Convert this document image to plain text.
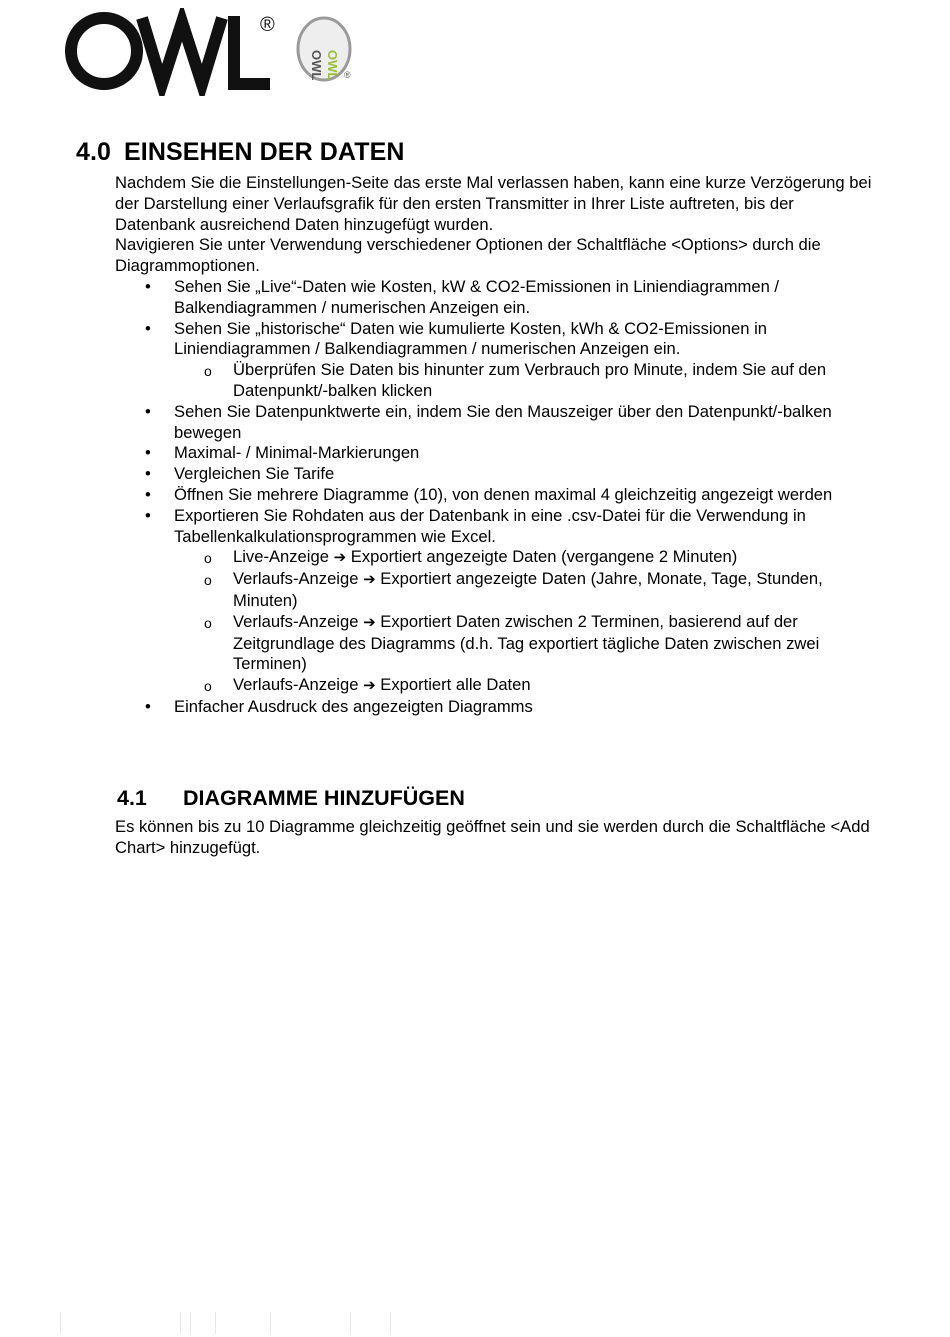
®
OWL OWL ®
4.0 EINSEHEN DER DATEN

Nachdem Sie die Einstellungen-Seite das erste Mal verlassen haben, kann eine kurze Verzögerung bei der Darstellung einer Verlaufsgrafik für den ersten Transmitter in Ihrer Liste auftreten, bis der Datenbank ausreichend Daten hinzugefügt wurden.

Navigieren Sie unter Verwendung verschiedener Optionen der Schaltfläche <Options> durch die Diagrammoptionen.

• Sehen Sie „Live“-Daten wie Kosten, kW & CO2-Emissionen in Liniendiagrammen / Balkendiagrammen / numerischen Anzeigen ein.
• Sehen Sie „historische“ Daten wie kumulierte Kosten, kWh & CO2-Emissionen in Liniendiagrammen / Balkendiagrammen / numerischen Anzeigen ein.
o Überprüfen Sie Daten bis hinunter zum Verbrauch pro Minute, indem Sie auf den Datenpunkt/-balken klicken
• Sehen Sie Datenpunktwerte ein, indem Sie den Mauszeiger über den Datenpunkt/-balken bewegen
• Maximal- / Minimal-Markierungen
• Vergleichen Sie Tarife
• Öffnen Sie mehrere Diagramme (10), von denen maximal 4 gleichzeitig angezeigt werden
• Exportieren Sie Rohdaten aus der Datenbank in eine .csv-Datei für die Verwendung in Tabellenkalkulationsprogrammen wie Excel.
o Live-Anzeige ➔ Exportiert angezeigte Daten (vergangene 2 Minuten)
o Verlaufs-Anzeige ➔ Exportiert angezeigte Daten (Jahre, Monate, Tage, Stunden, Minuten)
o Verlaufs-Anzeige ➔ Exportiert Daten zwischen 2 Terminen, basierend auf der Zeitgrundlage des Diagramms (d.h. Tag exportiert tägliche Daten zwischen zwei Terminen)
o Verlaufs-Anzeige ➔ Exportiert alle Daten
• Einfacher Ausdruck des angezeigten Diagramms
4.1 DIAGRAMME HINZUFÜGEN

Es können bis zu 10 Diagramme gleichzeitig geöffnet sein und sie werden durch die Schaltfläche <Add Chart> hinzugefügt.
